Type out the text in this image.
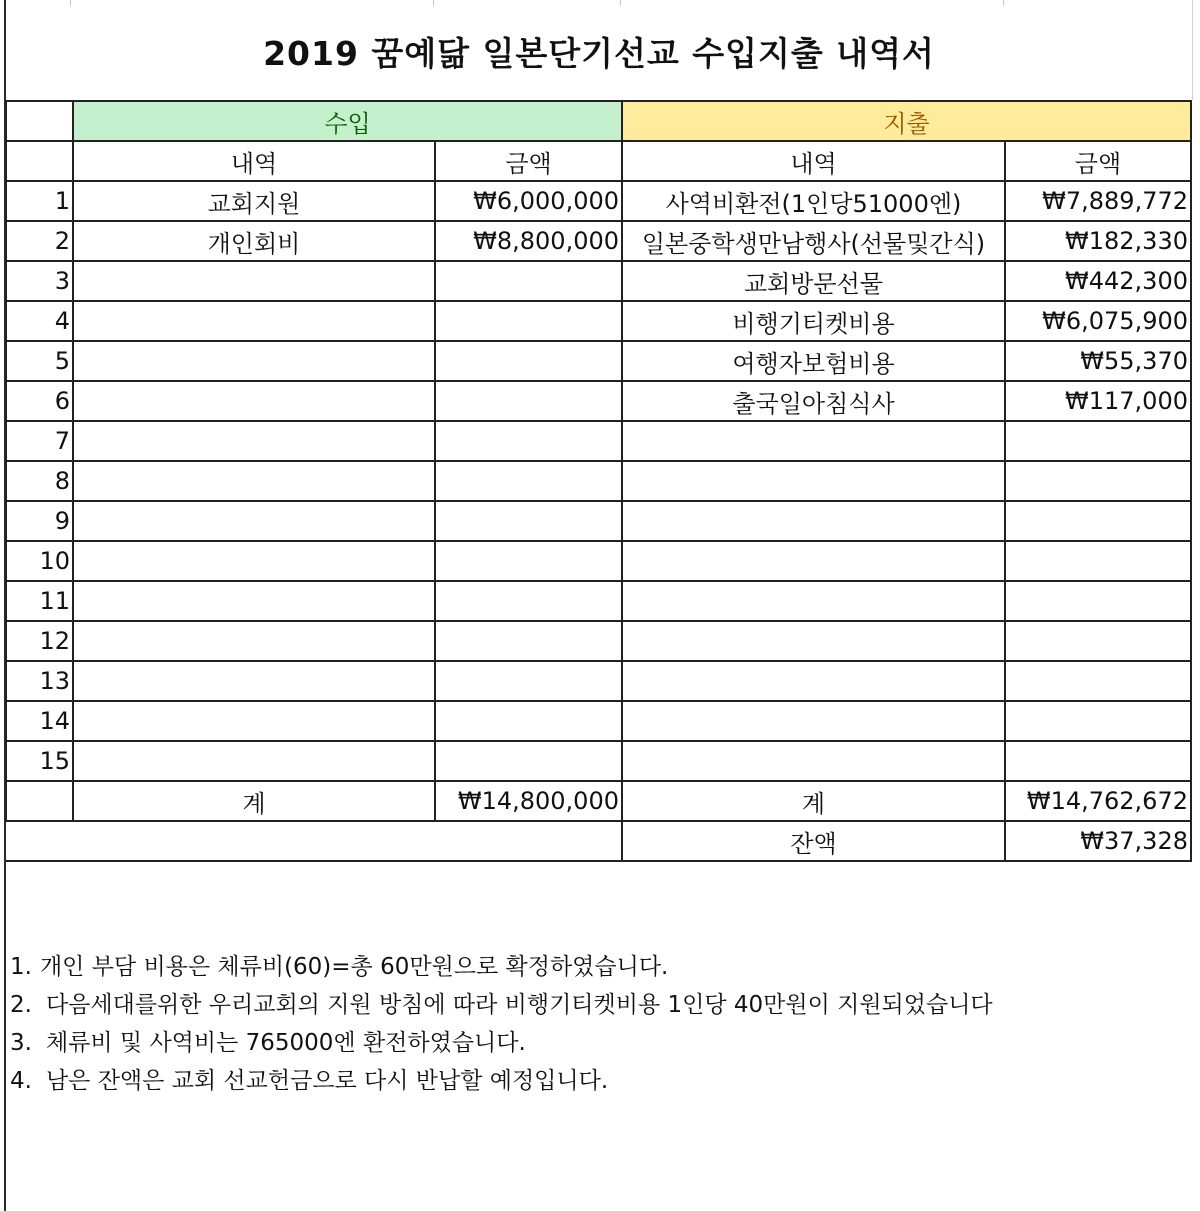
2019 꿈예닮 일본단기선교 수입지출 내역서
	수입		지출	
	내역	금액	내역	금액
1	교회지원	₩6,000,000	사역비환전(1인당51000엔)	₩7,889,772
2	개인회비	₩8,800,000	일본중학생만남행사(선물및간식)	₩182,330
3			교회방문선물	₩442,300
4			비행기티켓비용	₩6,075,900
5			여행자보험비용	₩55,370
6			출국일아침식사	₩117,000
7				
8				
9				
10				
11				
12				
13				
14				
15				
	계	₩14,800,000	계	₩14,762,672
			잔액	₩37,328
1. 개인 부담 비용은 체류비(60)=총 60만원으로 확정하였습니다.
2. 다음세대를위한 우리교회의 지원 방침에 따라 비행기티켓비용 1인당 40만원이 지원되었습니다
3. 체류비 및 사역비는 765000엔 환전하였습니다.
4. 남은 잔액은 교회 선교헌금으로 다시 반납할 예정입니다.
